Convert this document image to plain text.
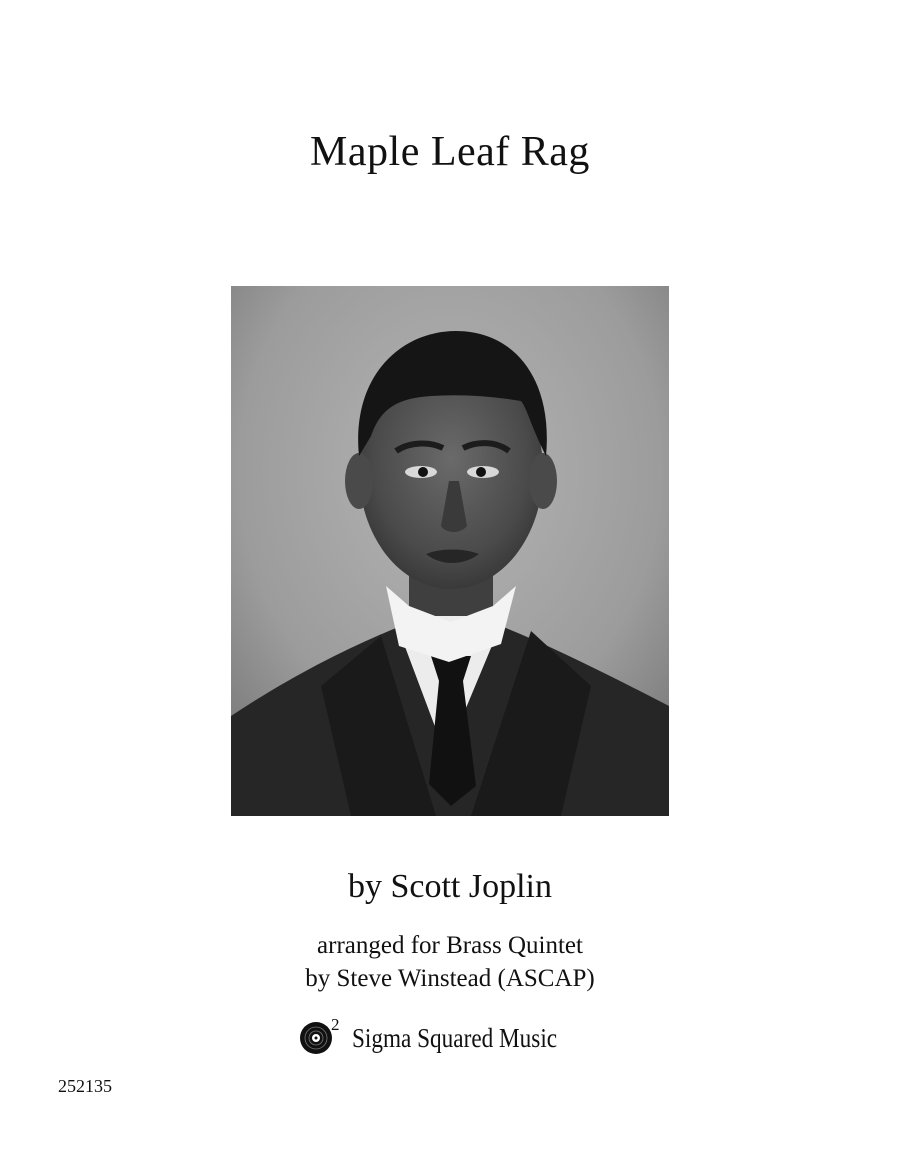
Maple Leaf Rag
by Scott Joplin
arranged for Brass Quintet
by Steve Winstead (ASCAP)
2 Sigma Squared Music
252135
